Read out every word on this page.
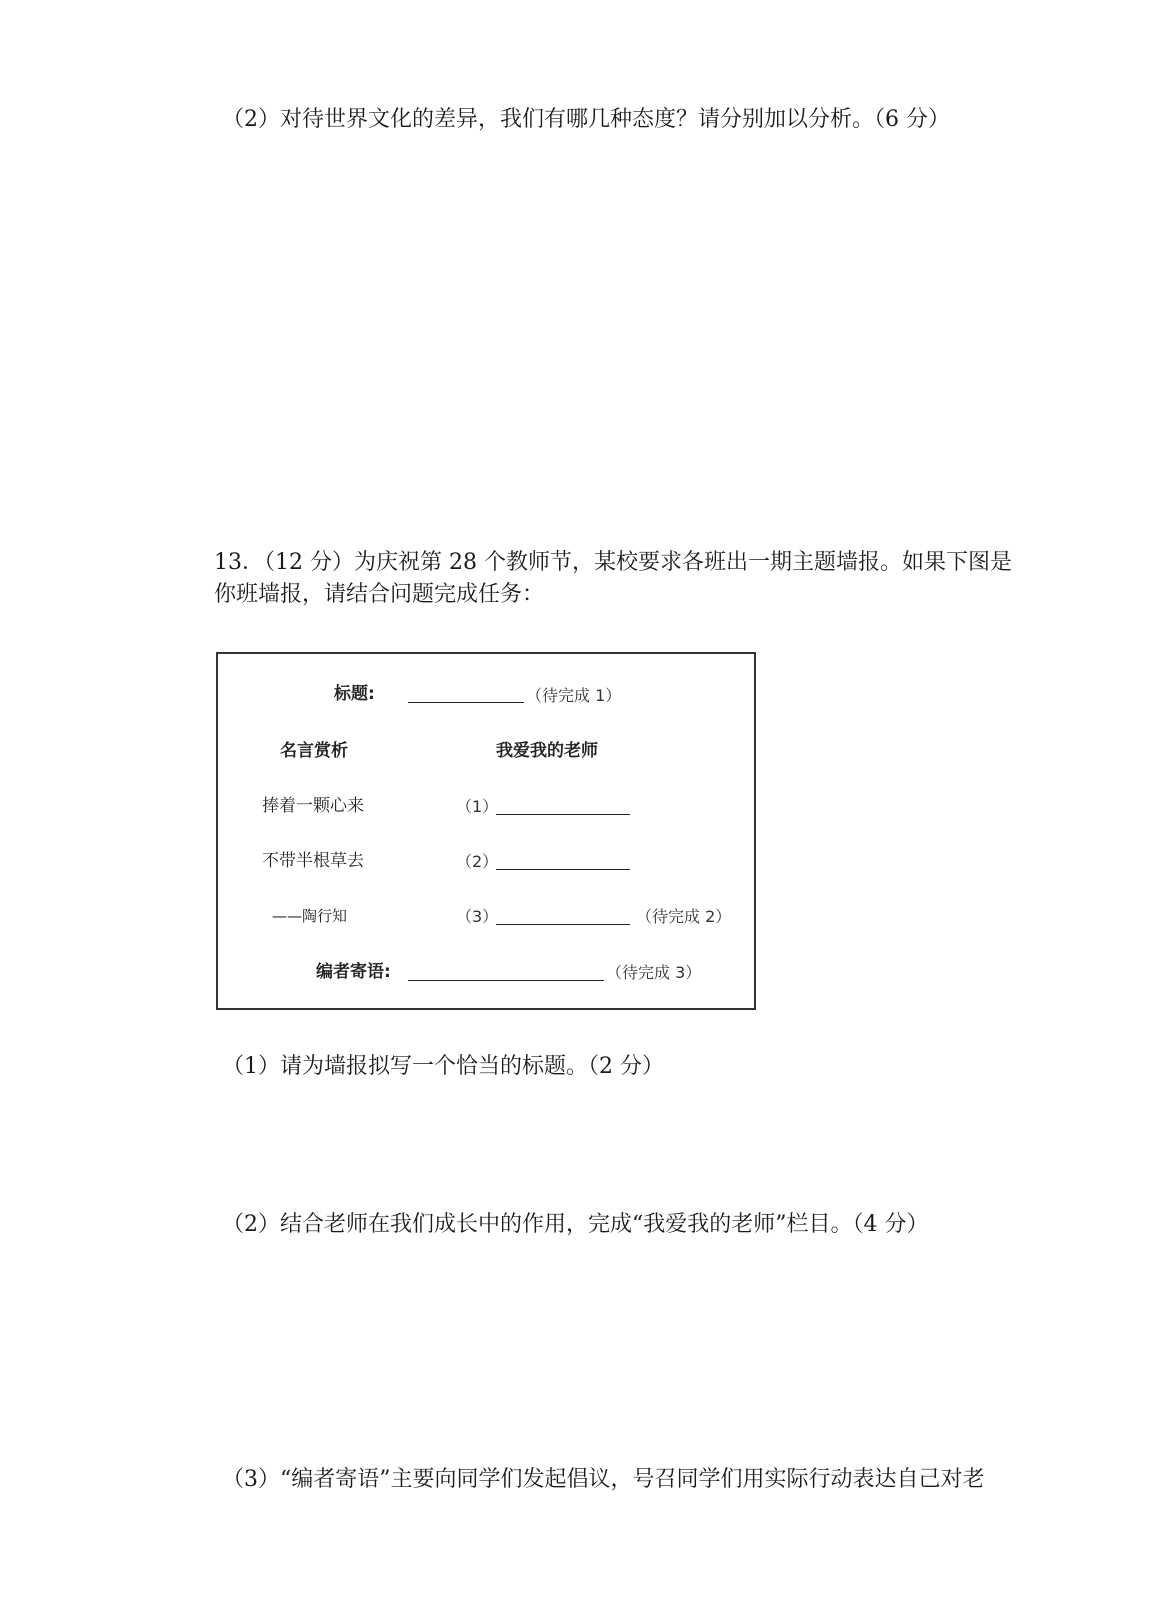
（2）对待世界文化的差异，我们有哪几种态度？请分别加以分析。（6 分）
13．（12 分）为庆祝第 28 个教师节，某校要求各班出一期主题墙报。如果下图是
你班墙报，请结合问题完成任务：
标题:	（待完成 1）
名言赏析	我爱我的老师
捧着一颗心来	（1）
不带半根草去	（2）
——陶行知	（3）	（待完成 2）
编者寄语:	（待完成 3）
（1）请为墙报拟写一个恰当的标题。（2 分）
（2）结合老师在我们成长中的作用，完成“我爱我的老师”栏目。（4 分）
（3）“编者寄语”主要向同学们发起倡议，号召同学们用实际行动表达自己对老
